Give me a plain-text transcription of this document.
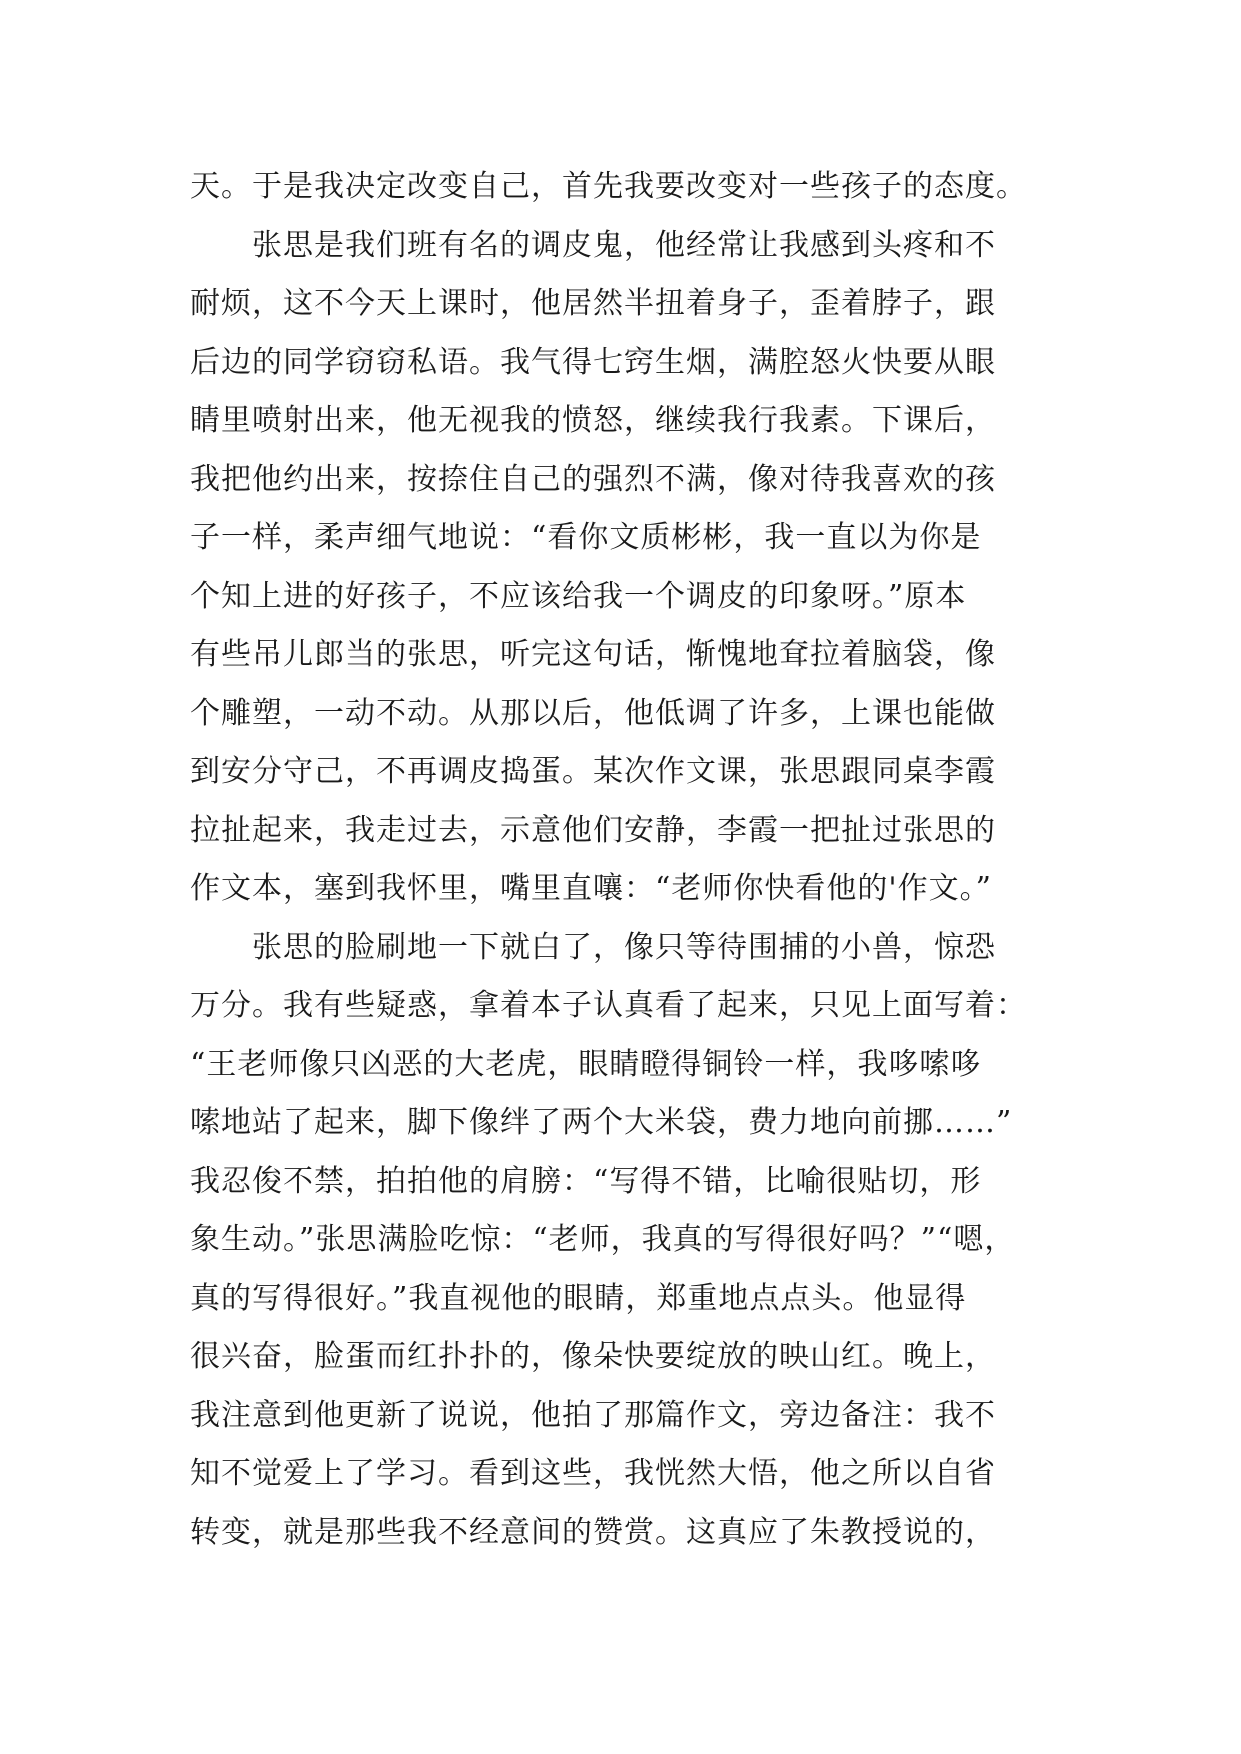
天。于是我决定改变自己，首先我要改变对一些孩子的态度。
张思是我们班有名的调皮鬼，他经常让我感到头疼和不
耐烦，这不今天上课时，他居然半扭着身子，歪着脖子，跟
后边的同学窃窃私语。我气得七窍生烟，满腔怒火快要从眼
睛里喷射出来，他无视我的愤怒，继续我行我素。下课后，
我把他约出来，按捺住自己的强烈不满，像对待我喜欢的孩
子一样，柔声细气地说：“看你文质彬彬，我一直以为你是
个知上进的好孩子，不应该给我一个调皮的印象呀。”原本
有些吊儿郎当的张思，听完这句话，惭愧地耷拉着脑袋，像
个雕塑，一动不动。从那以后，他低调了许多，上课也能做
到安分守己，不再调皮捣蛋。某次作文课，张思跟同桌李霞
拉扯起来，我走过去，示意他们安静，李霞一把扯过张思的
作文本，塞到我怀里，嘴里直嚷：“老师你快看他的'作文。”
张思的脸刷地一下就白了，像只等待围捕的小兽，惊恐
万分。我有些疑惑，拿着本子认真看了起来，只见上面写着：
“王老师像只凶恶的大老虎，眼睛瞪得铜铃一样，我哆嗦哆
嗦地站了起来，脚下像绊了两个大米袋，费力地向前挪……”
我忍俊不禁，拍拍他的肩膀：“写得不错，比喻很贴切，形
象生动。”张思满脸吃惊：“老师，我真的写得很好吗？”“嗯，
真的写得很好。”我直视他的眼睛，郑重地点点头。他显得
很兴奋，脸蛋而红扑扑的，像朵快要绽放的映山红。晚上，
我注意到他更新了说说，他拍了那篇作文，旁边备注：我不
知不觉爱上了学习。看到这些，我恍然大悟，他之所以自省
转变，就是那些我不经意间的赞赏。这真应了朱教授说的，
